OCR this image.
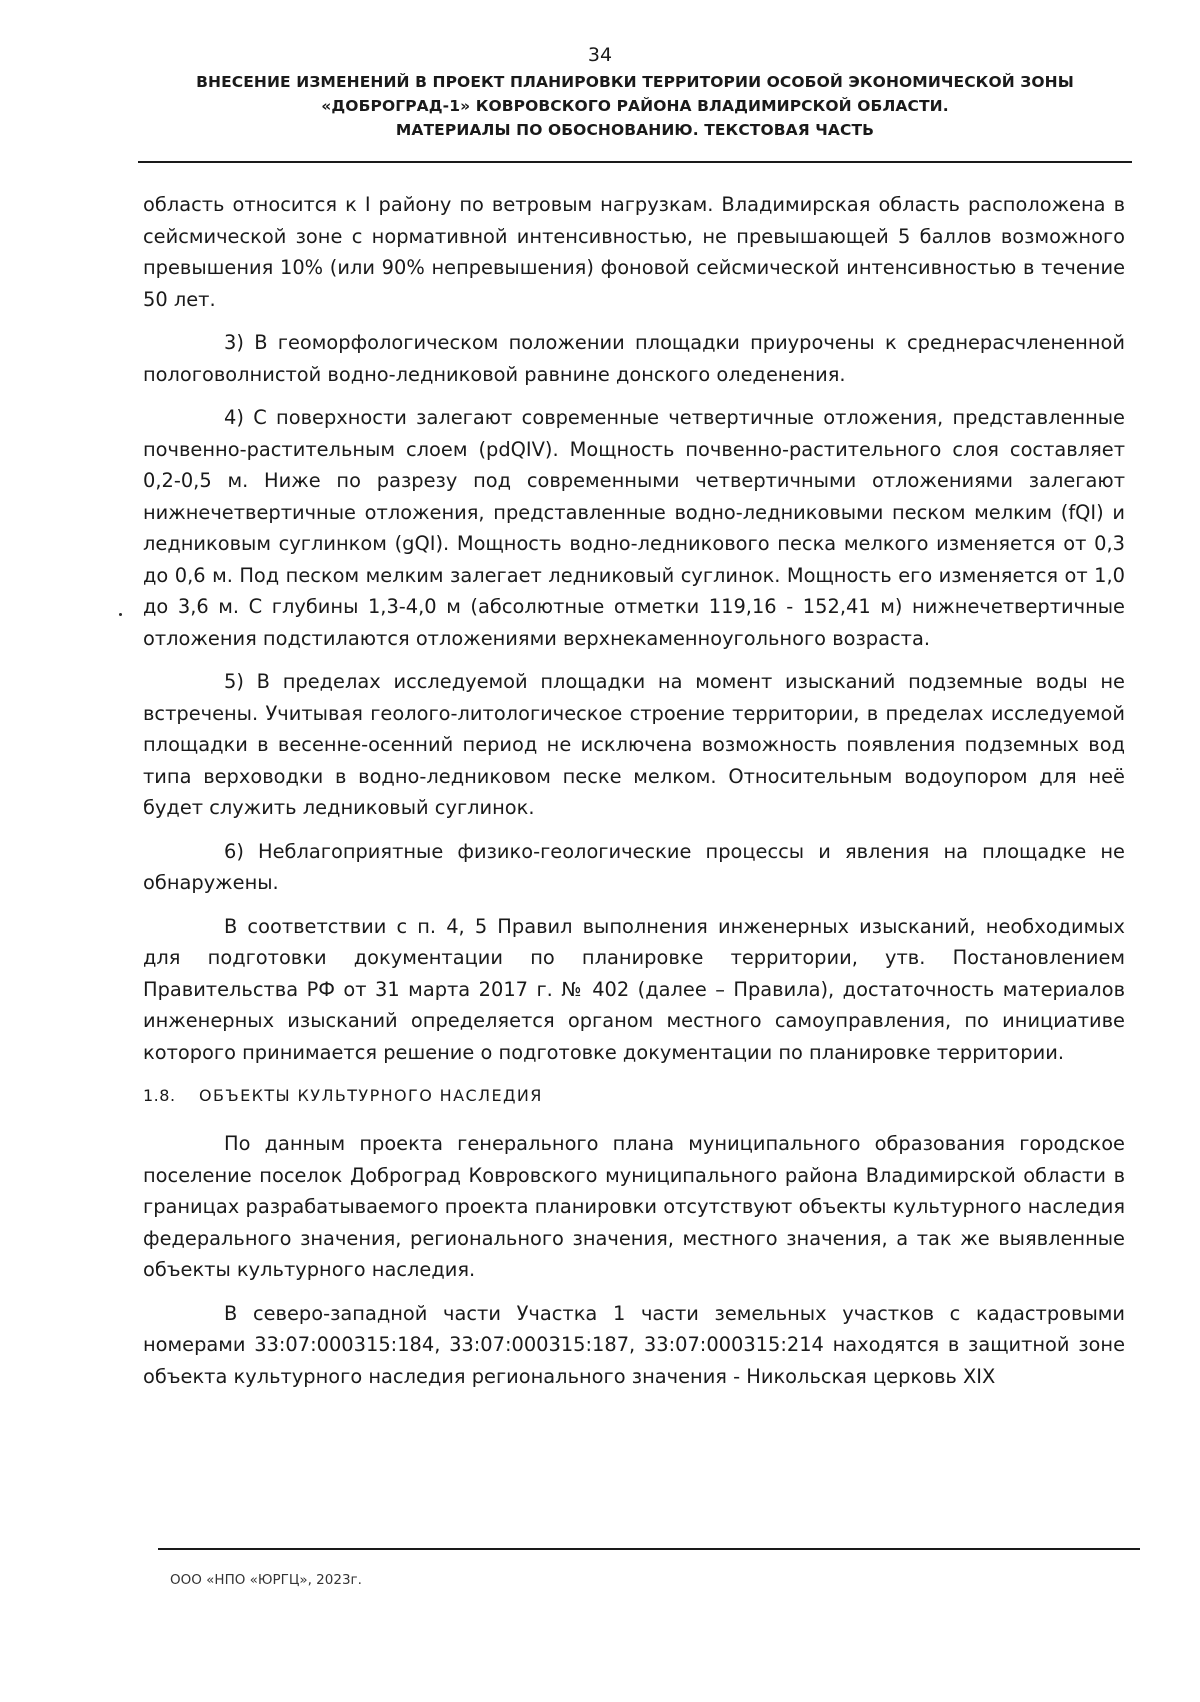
34
ВНЕСЕНИЕ ИЗМЕНЕНИЙ В ПРОЕКТ ПЛАНИРОВКИ ТЕРРИТОРИИ ОСОБОЙ ЭКОНОМИЧЕСКОЙ ЗОНЫ
«ДОБРОГРАД-1» КОВРОВСКОГО РАЙОНА ВЛАДИМИРСКОЙ ОБЛАСТИ.
МАТЕРИАЛЫ ПО ОБОСНОВАНИЮ. ТЕКСТОВАЯ ЧАСТЬ

область относится к I району по ветровым нагрузкам. Владимирская область расположена в сейсмической зоне с нормативной интенсивностью, не превышающей 5 баллов возможного превышения 10% (или 90% непревышения) фоновой сейсмической интенсивностью в течение 50 лет.

3) В геоморфологическом положении площадки приурочены к среднерасчлененной пологоволнистой водно-ледниковой равнине донского оледенения.

4) С поверхности залегают современные четвертичные отложения, представленные почвенно-растительным слоем (pdQIV). Мощность почвенно-растительного слоя составляет 0,2-0,5 м. Ниже по разрезу под современными четвертичными отложениями залегают нижнечетвертичные отложения, представленные водно-ледниковыми песком мелким (fQI) и ледниковым суглинком (gQI). Мощность водно-ледникового песка мелкого изменяется от 0,3 до 0,6 м. Под песком мелким залегает ледниковый суглинок. Мощность его изменяется от 1,0 до 3,6 м. С глубины 1,3-4,0 м (абсолютные отметки 119,16 - 152,41 м) нижнечетвертичные отложения подстилаются отложениями верхнекаменноугольного возраста.

5) В пределах исследуемой площадки на момент изысканий подземные воды не встречены. Учитывая геолого-литологическое строение территории, в пределах исследуемой площадки в весенне-осенний период не исключена возможность появления подземных вод типа верховодки в водно-ледниковом песке мелком. Относительным водоупором для неё будет служить ледниковый суглинок.

6) Неблагоприятные физико-геологические процессы и явления на площадке не обнаружены.

В соответствии с п. 4, 5 Правил выполнения инженерных изысканий, необходимых для подготовки документации по планировке территории, утв. Постановлением Правительства РФ от 31 марта 2017 г. № 402 (далее – Правила), достаточность материалов инженерных изысканий определяется органом местного самоуправления, по инициативе которого принимается решение о подготовке документации по планировке территории.

1.8. ОБЪЕКТЫ КУЛЬТУРНОГО НАСЛЕДИЯ

По данным проекта генерального плана муниципального образования городское поселение поселок Доброград Ковровского муниципального района Владимирской области в границах разрабатываемого проекта планировки отсутствуют объекты культурного наследия федерального значения, регионального значения, местного значения, а так же выявленные объекты культурного наследия.

В северо-западной части Участка 1 части земельных участков с кадастровыми номерами 33:07:000315:184, 33:07:000315:187, 33:07:000315:214 находятся в защитной зоне объекта культурного наследия регионального значения - Никольская церковь XIX

ООО «НПО «ЮРГЦ», 2023г.
